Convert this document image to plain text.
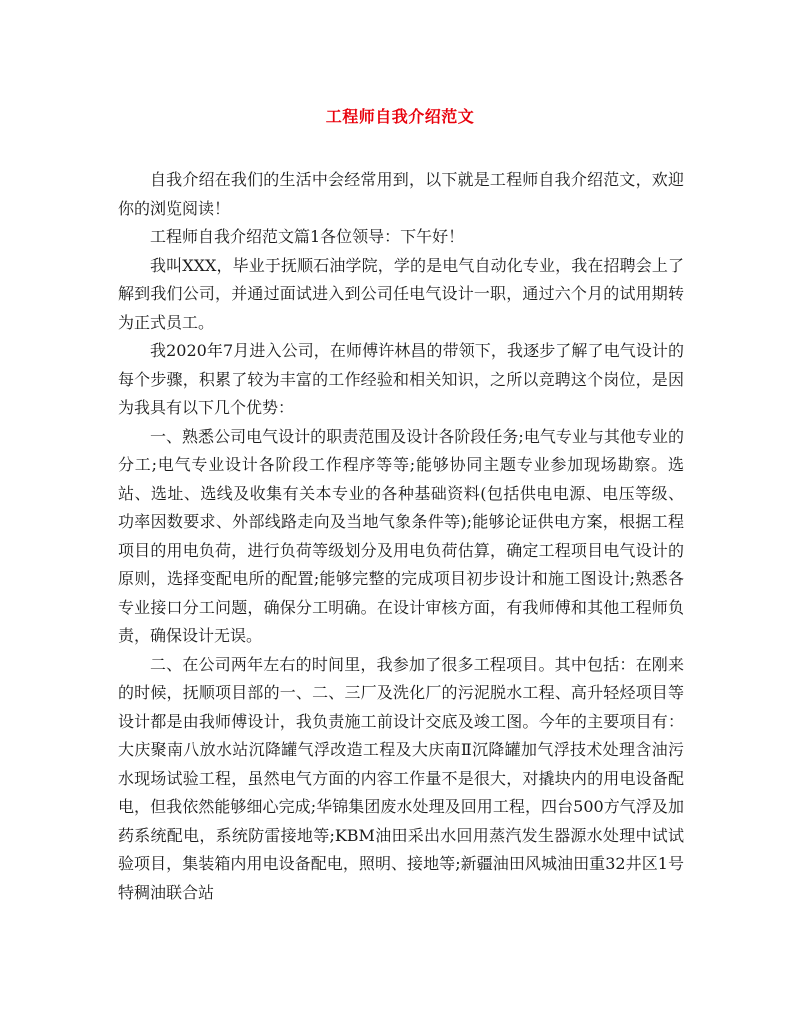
工程师自我介绍范文

自我介绍在我们的生活中会经常用到，以下就是工程师自我介绍范文，欢迎你的浏览阅读！

工程师自我介绍范文篇1各位领导：下午好！

我叫XXX，毕业于抚顺石油学院，学的是电气自动化专业，我在招聘会上了解到我们公司，并通过面试进入到公司任电气设计一职，通过六个月的试用期转为正式员工。

我2020年7月进入公司，在师傅许林昌的带领下，我逐步了解了电气设计的每个步骤，积累了较为丰富的工作经验和相关知识，之所以竞聘这个岗位，是因为我具有以下几个优势：

一、熟悉公司电气设计的职责范围及设计各阶段任务;电气专业与其他专业的分工;电气专业设计各阶段工作程序等等;能够协同主题专业参加现场勘察。选站、选址、选线及收集有关本专业的各种基础资料(包括供电电源、电压等级、功率因数要求、外部线路走向及当地气象条件等);能够论证供电方案，根据工程项目的用电负荷，进行负荷等级划分及用电负荷估算，确定工程项目电气设计的原则，选择变配电所的配置;能够完整的完成项目初步设计和施工图设计;熟悉各专业接口分工问题，确保分工明确。在设计审核方面，有我师傅和其他工程师负责，确保设计无误。

二、在公司两年左右的时间里，我参加了很多工程项目。其中包括：在刚来的时候，抚顺项目部的一、二、三厂及洗化厂的污泥脱水工程、高升轻烃项目等设计都是由我师傅设计，我负责施工前设计交底及竣工图。今年的主要项目有：大庆聚南八放水站沉降罐气浮改造工程及大庆南Ⅱ沉降罐加气浮技术处理含油污水现场试验工程，虽然电气方面的内容工作量不是很大，对撬块内的用电设备配电，但我依然能够细心完成;华锦集团废水处理及回用工程，四台500方气浮及加药系统配电，系统防雷接地等;KBM油田采出水回用蒸汽发生器源水处理中试试验项目，集装箱内用电设备配电，照明、接地等;新疆油田风城油田重32井区1号特稠油联合站
